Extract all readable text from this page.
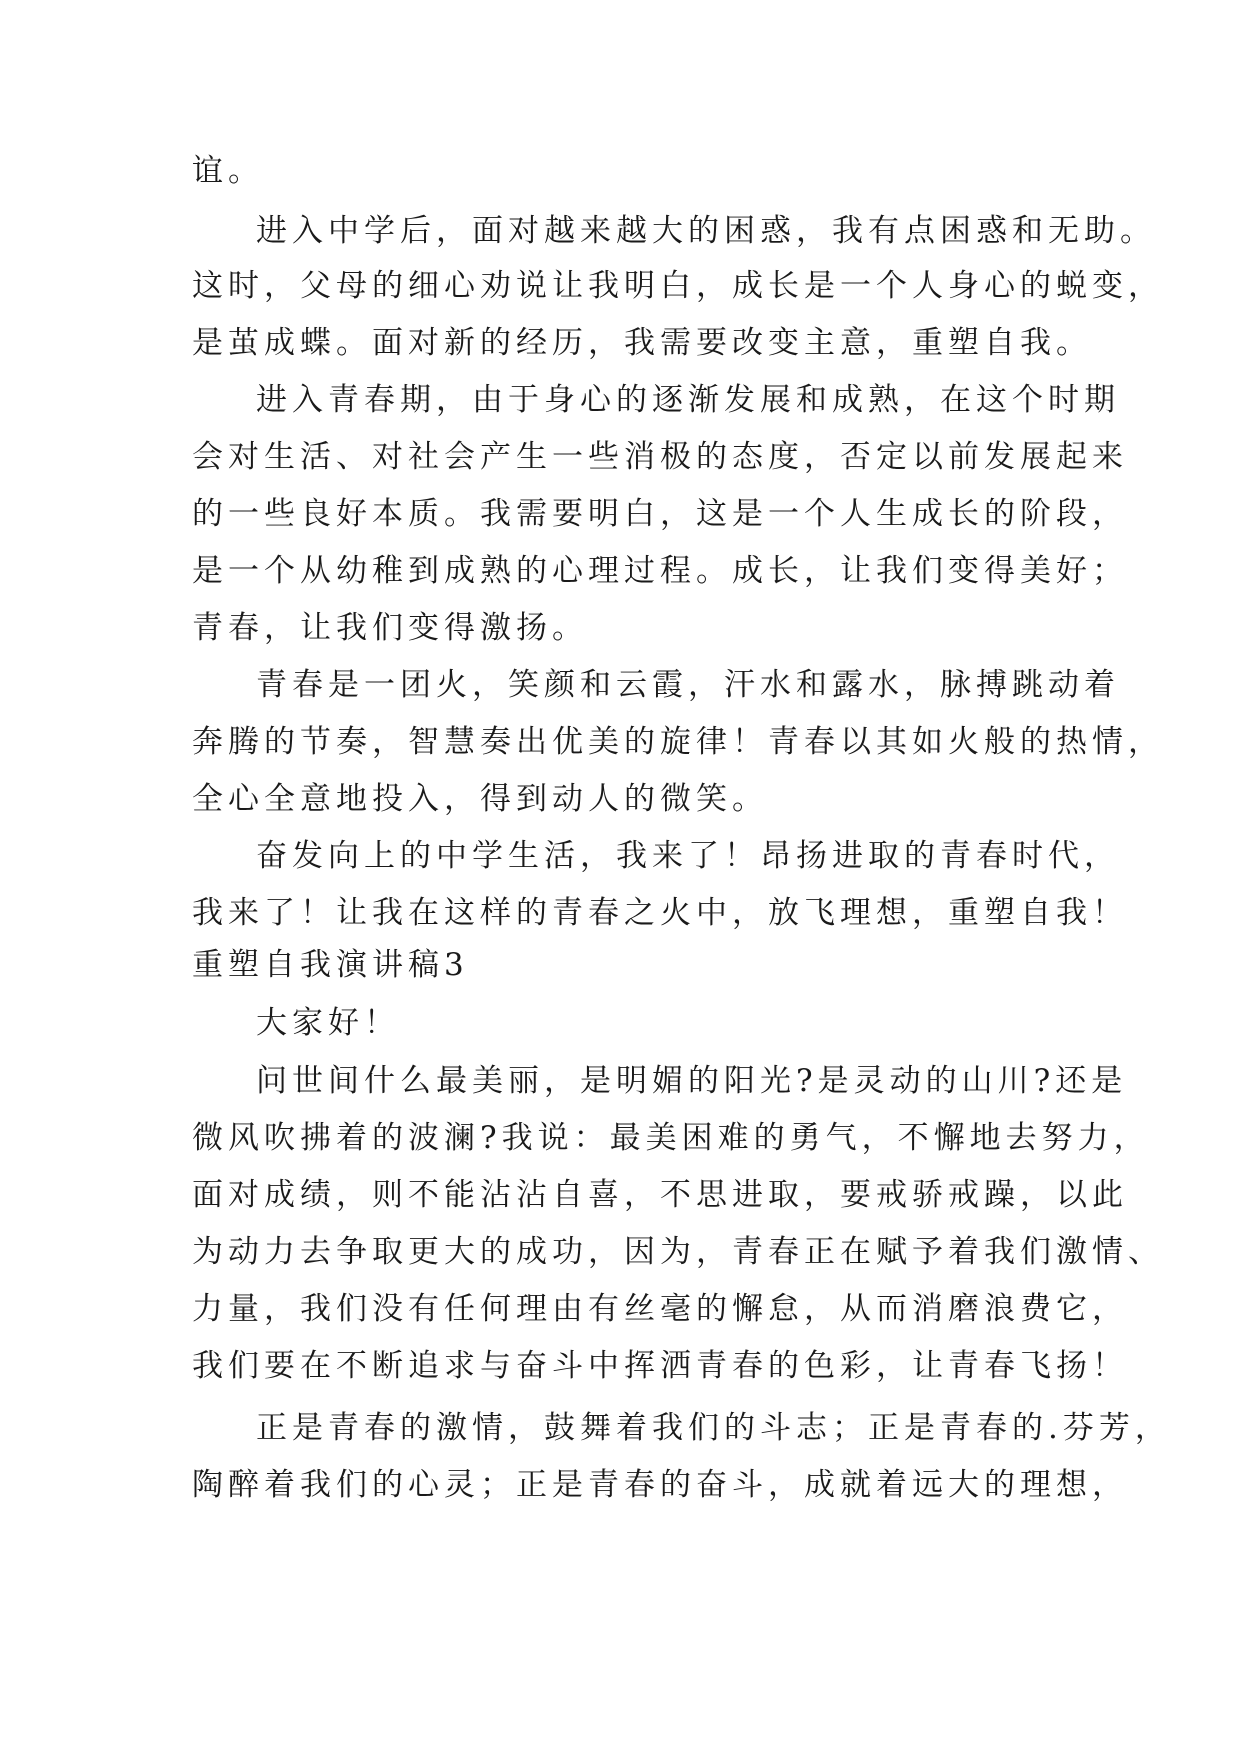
谊。
进入中学后，面对越来越大的困惑，我有点困惑和无助。
这时，父母的细心劝说让我明白，成长是一个人身心的蜕变，
是茧成蝶。面对新的经历，我需要改变主意，重塑自我。
进入青春期，由于身心的逐渐发展和成熟，在这个时期
会对生活、对社会产生一些消极的态度，否定以前发展起来
的一些良好本质。我需要明白，这是一个人生成长的阶段，
是一个从幼稚到成熟的心理过程。成长，让我们变得美好；
青春，让我们变得激扬。
青春是一团火，笑颜和云霞，汗水和露水，脉搏跳动着
奔腾的节奏，智慧奏出优美的旋律！青春以其如火般的热情，
全心全意地投入，得到动人的微笑。
奋发向上的中学生活，我来了！昂扬进取的青春时代，
我来了！让我在这样的青春之火中，放飞理想，重塑自我！
重塑自我演讲稿3
大家好！
问世间什么最美丽，是明媚的阳光?是灵动的山川?还是
微风吹拂着的波澜?我说：最美困难的勇气，不懈地去努力，
面对成绩，则不能沾沾自喜，不思进取，要戒骄戒躁，以此
为动力去争取更大的成功，因为，青春正在赋予着我们激情、
力量，我们没有任何理由有丝毫的懈怠，从而消磨浪费它，
我们要在不断追求与奋斗中挥洒青春的色彩，让青春飞扬！
正是青春的激情，鼓舞着我们的斗志；正是青春的.芬芳，
陶醉着我们的心灵；正是青春的奋斗，成就着远大的理想，
